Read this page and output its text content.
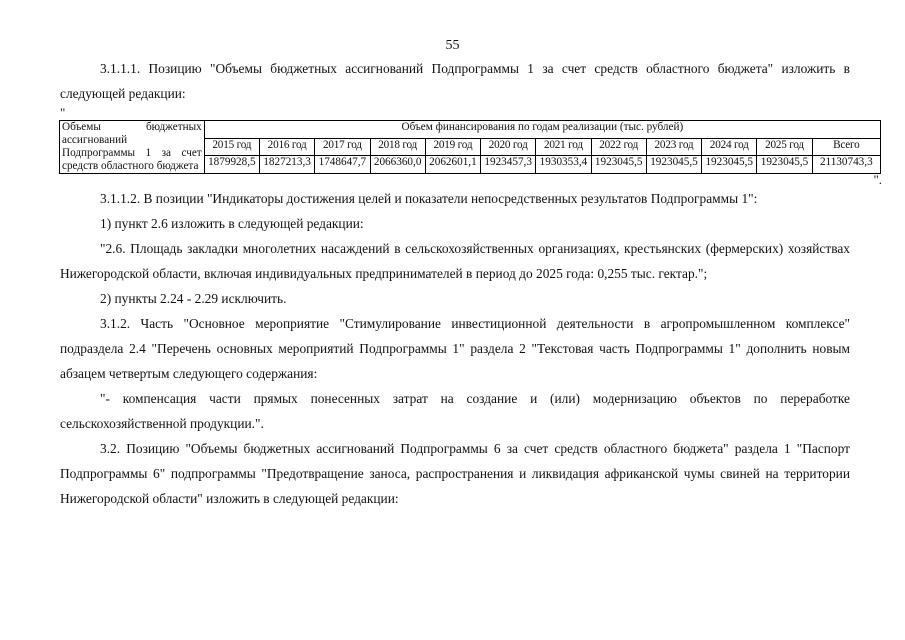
55

3.1.1.1. Позицию "Объемы бюджетных ассигнований Подпрограммы 1 за счет средств областного бюджета" изложить в следующей редакции:

"
Объемы бюджетных ассигнований Подпрограммы 1 за счет средств областного бюджета	Объем финансирования по годам реализации (тыс. рублей)											
	2015 год	2016 год	2017 год	2018 год	2019 год	2020 год	2021 год	2022 год	2023 год	2024 год	2025 год	Всего
	1879928,5	1827213,3	1748647,7	2066360,0	2062601,1	1923457,3	1930353,4	1923045,5	1923045,5	1923045,5	1923045,5	21130743,3
".

3.1.1.2. В позиции "Индикаторы достижения целей и показатели непосредственных результатов Подпрограммы 1":

1) пункт 2.6 изложить в следующей редакции:

"2.6. Площадь закладки многолетних насаждений в сельскохозяйственных организациях, крестьянских (фермерских) хозяйствах Нижегородской области, включая индивидуальных предпринимателей в период до 2025 года: 0,255 тыс. гектар.";

2) пункты 2.24 - 2.29 исключить.

3.1.2. Часть "Основное мероприятие "Стимулирование инвестиционной деятельности в агропромышленном комплексе" подраздела 2.4 "Перечень основных мероприятий Подпрограммы 1" раздела 2 "Текстовая часть Подпрограммы 1" дополнить новым абзацем четвертым следующего содержания:

"- компенсация части прямых понесенных затрат на создание и (или) модернизацию объектов по переработке сельскохозяйственной продукции.".

3.2. Позицию "Объемы бюджетных ассигнований Подпрограммы 6 за счет средств областного бюджета" раздела 1 "Паспорт Подпрограммы 6" подпрограммы "Предотвращение заноса, распространения и ликвидация африканской чумы свиней на территории Нижегородской области" изложить в следующей редакции:
